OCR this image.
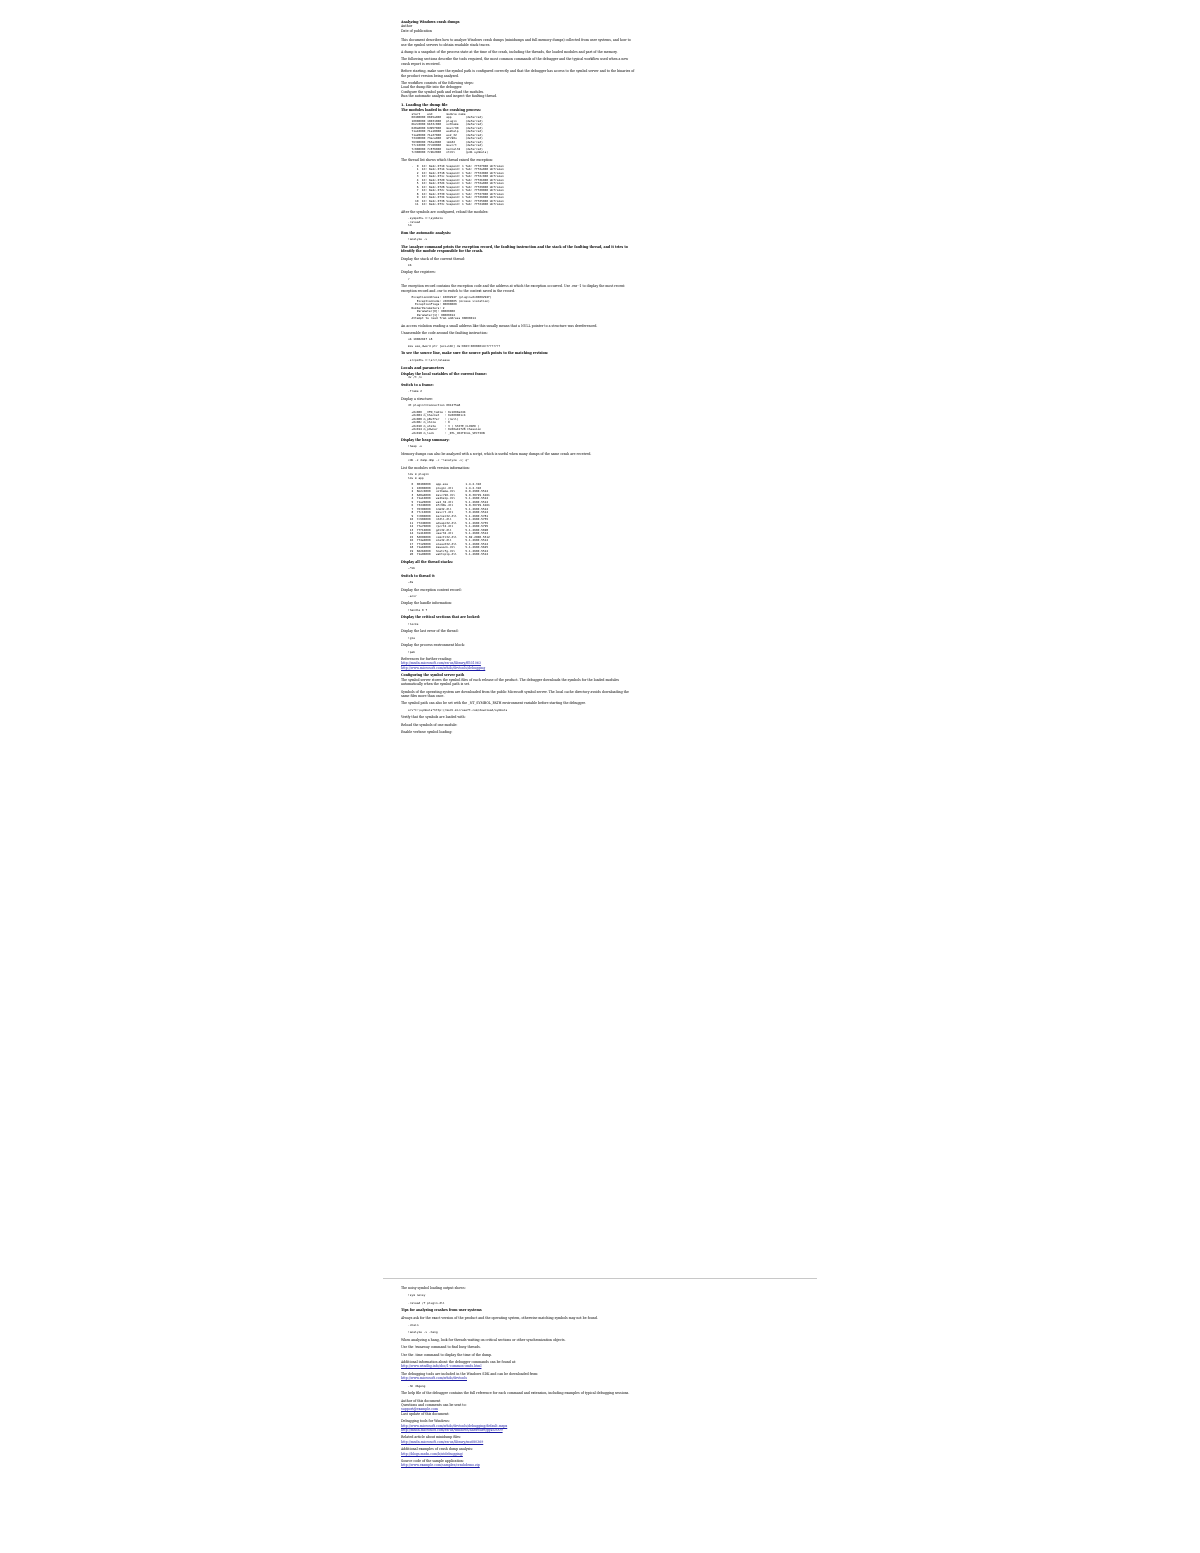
Analyzing Windows crash dumps
Author
Date of publication

This document describes how to analyze Windows crash dumps (minidumps and full memory dumps) collected from user systems, and how to use the symbol servers to obtain readable stack traces.

A dump is a snapshot of the process state at the time of the crash, including the threads, the loaded modules and part of the memory.

The following sections describe the tools required, the most common commands of the debugger and the typical workflow used when a new crash report is received.

Before starting, make sure the symbol path is configured correctly and that the debugger has access to the symbol server and to the binaries of the product version being analyzed.

The workflow consists of the following steps:
Load the dump file into the debugger.
Configure the symbol path and reload the modules.

Run the automatic analysis and inspect the faulting thread.

1. Loading the dump file
The modules loaded in the crashing process:
start    end        module name
00400000 0045a000   app        (deferred)
10000000 10031000   plugin     (deferred)
6b2c0000 6b33c000   uxtheme    (deferred)
6d8a0000 6d95f000   msvcr90    (deferred)
71a10000 71a18000   ws2help    (deferred)
71a20000 71a37000   ws2_32     (deferred)
73dd0000 73ece000   mfc90u     (deferred)
76390000 763ad000   imm32      (deferred)
77c10000 77c68000   msvcrt     (deferred)
7c800000 7c8f6000   kernel32   (deferred)
7c900000 7c9b2000   ntdll      (pdb symbols)

The thread list shows which thread raised the exception:

.  0  Id: 0e4c.0f10 Suspend: 1 Teb: 7ffdf000 Unfrozen
1  Id: 0e4c.0f14 Suspend: 1 Teb: 7ffde000 Unfrozen
2  Id: 0e4c.0f18 Suspend: 1 Teb: 7ffdd000 Unfrozen
3  Id: 0e4c.0f1c Suspend: 1 Teb: 7ffdc000 Unfrozen
4  Id: 0e4c.0f20 Suspend: 1 Teb: 7ffdb000 Unfrozen
5  Id: 0e4c.0f24 Suspend: 1 Teb: 7ffda000 Unfrozen
6  Id: 0e4c.0f28 Suspend: 1 Teb: 7ffd9000 Unfrozen
7  Id: 0e4c.0f2c Suspend: 1 Teb: 7ffd8000 Unfrozen
8  Id: 0e4c.0f30 Suspend: 1 Teb: 7ffd7000 Unfrozen
9  Id: 0e4c.0f34 Suspend: 1 Teb: 7ffd6000 Unfrozen
10  Id: 0e4c.0f38 Suspend: 1 Teb: 7ffd5000 Unfrozen
11  Id: 0e4c.0f3c Suspend: 1 Teb: 7ffd4000 Unfrozen

After the symbols are configured, reload the modules:

.sympath+ C:\symbols
.reload
lm

Run the automatic analysis:

!analyze -v

The !analyze command prints the exception record, the faulting instruction and the stack of the faulting thread, and it tries to identify the module responsible for the crash.

Display the stack of the current thread:

kb

Display the registers:

r

The exception record contains the exception code and the address at which the exception occurred. Use .exr -1 to display the most recent exception record and .cxr to switch to the context saved in the record.

ExceptionAddress: 1000294f (plugin+0x0000294f)
ExceptionCode: c0000005 (Access violation)
ExceptionFlags: 00000000
NumberParameters: 2
Parameter[0]: 00000000
Parameter[1]: 00000014
Attempt to read from address 00000014

An access violation reading a small address like this usually means that a NULL pointer to a structure was dereferenced.

Unassemble the code around the faulting instruction:

ub 1000294f L8
mov eax,dword ptr [ecx+14h] ds:0023:00000014=????????

To see the source line, make sure the source path points to the matching revision:

.srcpath+ C:\src\release
Locals and parameters
Display the local variables of the current frame:
dv /t /v

Switch to a frame:

.frame 2

Display a structure:

dt plugin!CConnection 0012f5a8
+0x000 __VFN_table : 0x1000a2d4
+0x004 m_hSocket   : 0x000001c4
+0x008 m_pBuffer   : (null)
+0x00c m_nSize     : 0
+0x010 m_state     : 3 ( STATE_CLOSED )
+0x014 m_pOwner    : 0x00a41f28 CSession
+0x018 m_lock      : _RTL_CRITICAL_SECTION

Display the heap summary:

!heap -s

Memory dumps can also be analyzed with a script, which is useful when many dumps of the same crash are received.

cdb -z dump.dmp -c "!analyze -v; q"

List the modules with version information:

lmv m plugin
lmv m app
0  00400000   app.exe          1.4.2.310
1  10000000   plugin.dll       1.4.2.310
2  6b2c0000   uxtheme.dll      6.0.2900.5512
3  6d8a0000   msvcr90.dll      9.0.30729.6161
4  71a10000   ws2help.dll      5.1.2600.5512
5  71a20000   ws2_32.dll       5.1.2600.5512
6  73dd0000   mfc90u.dll       9.0.30729.6161
7  76390000   imm32.dll        5.1.2600.5512
8  77c10000   msvcrt.dll       7.0.2600.5512
9  7c800000   kernel32.dll     5.1.2600.5781
10  7c900000   ntdll.dll        5.1.2600.5755
11  77dd0000   advapi32.dll     5.1.2600.5755
12  77e70000   rpcrt4.dll       5.1.2600.5795
13  77f10000   gdi32.dll        5.1.2600.5698
14  7e410000   user32.dll       5.1.2600.5512
15  5d090000   comctl32.dll     5.82.2900.5512
16  774e0000   ole32.dll        5.1.2600.5512
17  77120000   oleaut32.dll     5.1.2600.5512
18  71ab0000   mswsock.dll      5.1.2600.5625
19  662b0000   hnetcfg.dll      5.1.2600.5512
20  71a90000   wshtcpip.dll     5.1.2600.5512

Display all the thread stacks:

~*kb

Switch to thread 0:

~0s

Display the exception context record:

.ecxr

Display the handle information:

!handle 0 f

Display the critical sections that are locked:

!locks

Display the last error of the thread:

!gle

Display the process environment block:

!peb
References for further reading:
http://msdn.microsoft.com/en-us/library/ff551063

http://www.microsoft.com/whdc/devtools/debugging

Configuring the symbol server path

The symbol server stores the symbol files of each release of the product. The debugger downloads the symbols for the loaded modules automatically when the symbol path is set.

Symbols of the operating system are downloaded from the public Microsoft symbol server. The local cache directory avoids downloading the same files more than once.

The symbol path can also be set with the _NT_SYMBOL_PATH environment variable before starting the debugger.

srv*C:\symbols*http://msdl.microsoft.com/download/symbols

Verify that the symbols are loaded with:

Reload the symbols of one module:

Enable verbose symbol loading:

The noisy symbol loading output shows:

!sym noisy
.reload /f plugin.dll

Tips for analyzing crashes from user systems

Always ask for the exact version of the product and the operating system, otherwise matching symbols may not be found.

.chain
!analyze -v -hang

When analyzing a hang, look for threads waiting on critical sections or other synchronization objects.

Use the !runaway command to find busy threads.

Use the .time command to display the time of the dump.

Additional information about the debugger commands can be found at:

http://www.windbg.info/doc/1-common-cmds.html

The debugging tools are included in the Windows SDK and can be downloaded from:

http://www.microsoft.com/whdc/devtools

.hh dbgeng

The help file of the debugger contains the full reference for each command and extension, including examples of typical debugging sessions.

Author of this document
Questions and comments can be sent to:
support@example.com

Last update of this document:

Debugging tools for Windows:
http://www.microsoft.com/whdc/devtools/debugging/default.mspx

http://msdn.microsoft.com/en-us/windows/hardware/gg463009

Related article about minidump files:

http://msdn.microsoft.com/en-us/library/ms680369

Additional examples of crash dump analysis:

http://blogs.msdn.com/b/ntdebugging/

Source code of the sample application:
http://www.example.com/samples/crashdemo.zip
